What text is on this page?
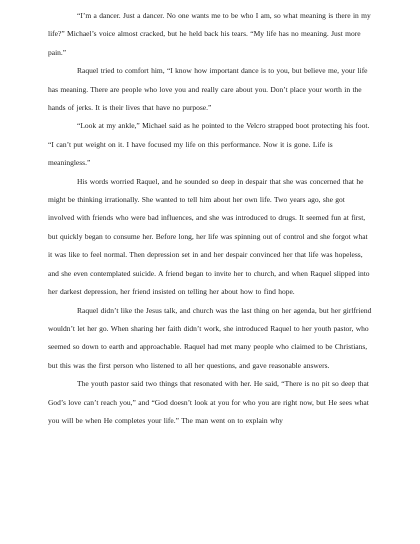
“I’m a dancer. Just a dancer. No one wants me to be who I am, so what meaning is there in my life?” Michael’s voice almost cracked, but he held back his tears. “My life has no meaning. Just more pain.”

Raquel tried to comfort him, “I know how important dance is to you, but believe me, your life has meaning. There are people who love you and really care about you. Don’t place your worth in the hands of jerks. It is their lives that have no purpose.”

“Look at my ankle,” Michael said as he pointed to the Velcro strapped boot protecting his foot. “I can’t put weight on it. I have focused my life on this performance. Now it is gone. Life is meaningless.”

His words worried Raquel, and he sounded so deep in despair that she was concerned that he might be thinking irrationally. She wanted to tell him about her own life. Two years ago, she got involved with friends who were bad influences, and she was introduced to drugs. It seemed fun at first, but quickly began to consume her. Before long, her life was spinning out of control and she forgot what it was like to feel normal. Then depression set in and her despair convinced her that life was hopeless, and she even contemplated suicide. A friend began to invite her to church, and when Raquel slipped into her darkest depression, her friend insisted on telling her about how to find hope.

Raquel didn’t like the Jesus talk, and church was the last thing on her agenda, but her girlfriend wouldn’t let her go. When sharing her faith didn’t work, she introduced Raquel to her youth pastor, who seemed so down to earth and approachable. Raquel had met many people who claimed to be Christians, but this was the first person who listened to all her questions, and gave reasonable answers.

The youth pastor said two things that resonated with her. He said, “There is no pit so deep that God’s love can’t reach you,” and “God doesn’t look at you for who you are right now, but He sees what you will be when He completes your life.” The man went on to explain why
